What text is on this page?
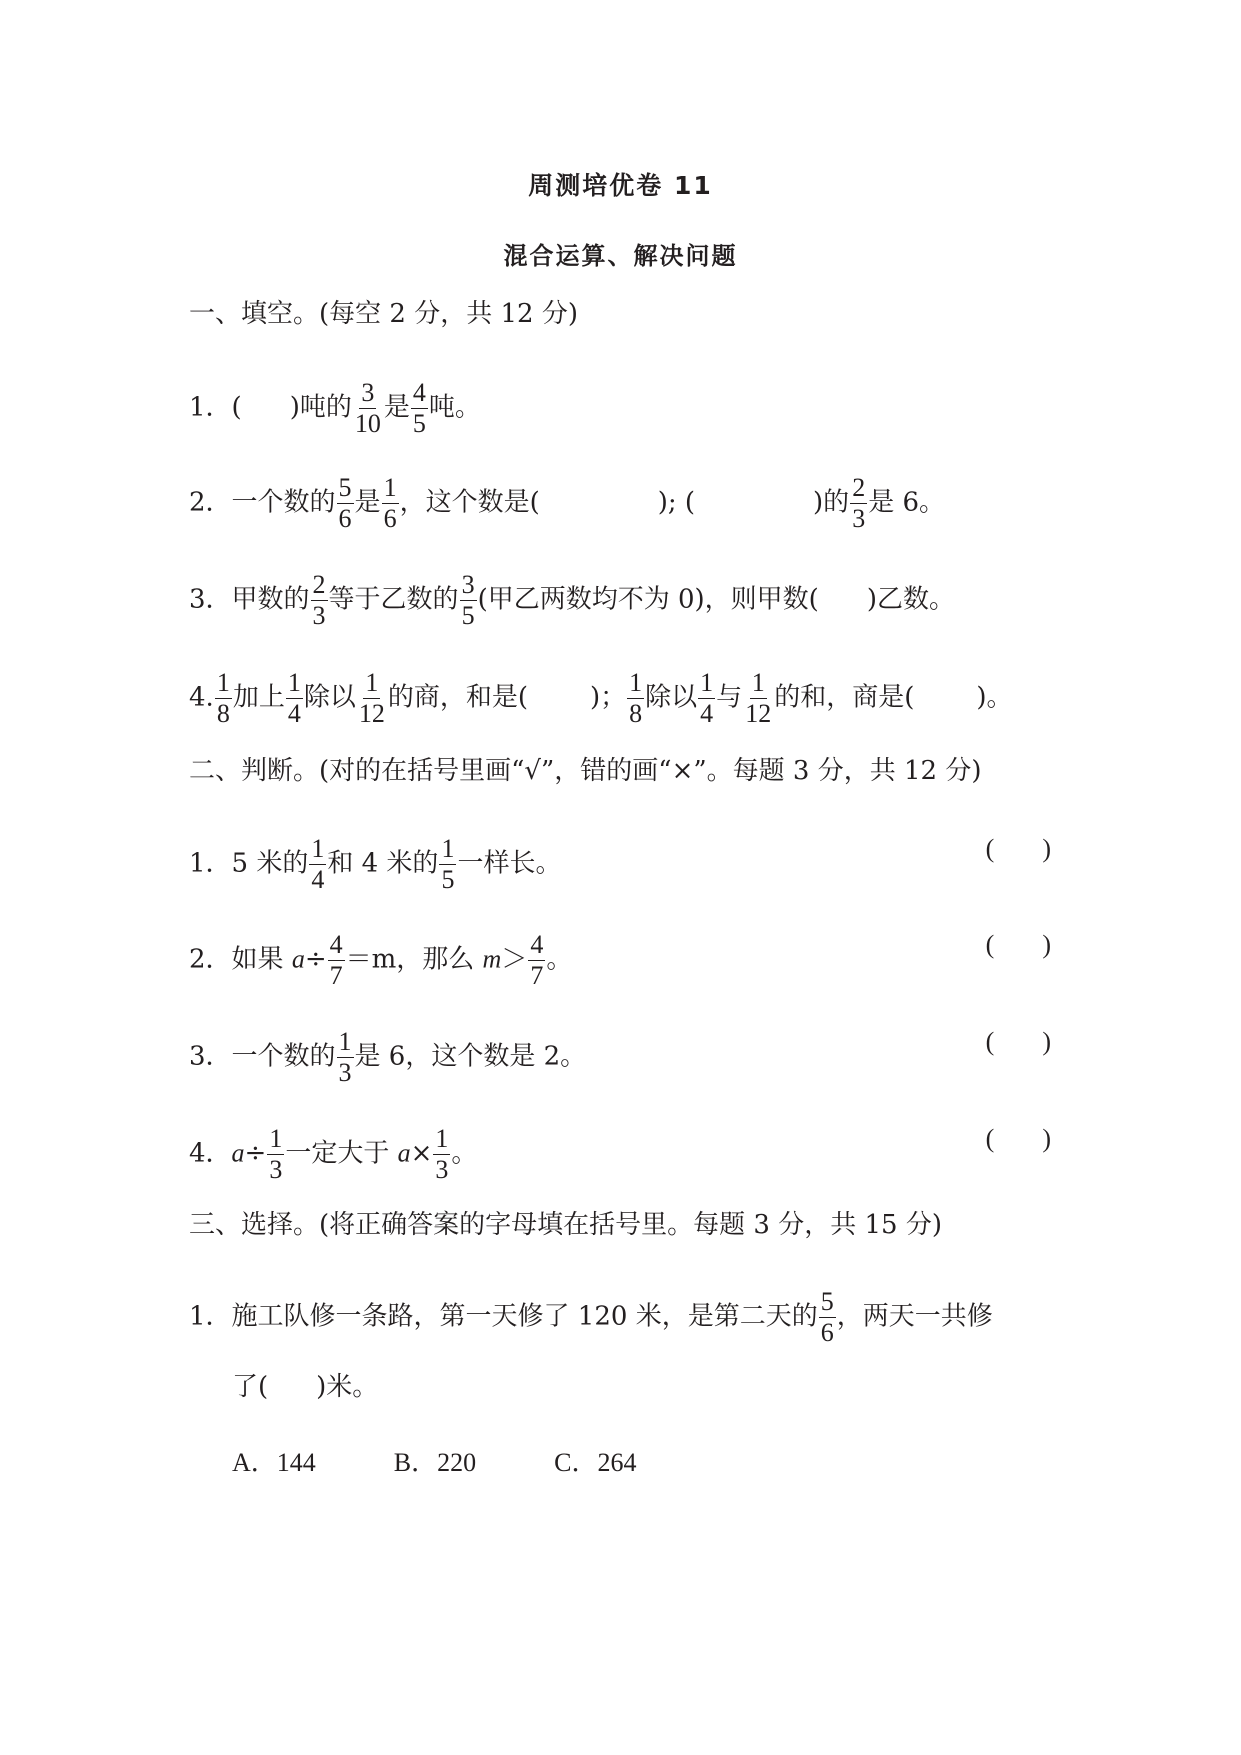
周测培优卷 11
混合运算、解决问题
一、填空。(每空 2 分，共 12 分)
1．( )吨的 $\frac{3}{10}$ 是 $\frac{4}{5}$ 吨。
2．一个数的 $\frac{5}{6}$ 是 $\frac{1}{6}$ ，这个数是(	); (	)的 $\frac{2}{3}$ 是 6。
3．甲数的 $\frac{2}{3}$ 等于乙数的 $\frac{3}{5}$ (甲乙两数均不为 0)，则甲数( )乙数。
4. $\frac{1}{8}$ 加上 $\frac{1}{4}$ 除以 $\frac{1}{12}$ 的商，和是( )； $\frac{1}{8}$ 除以 $\frac{1}{4}$ 与 $\frac{1}{12}$ 的和，商是( )。
二、判断。(对的在括号里画“√”，错的画“×”。每题 3 分，共 12 分)
1．5 米的 $\frac{1}{4}$ 和 4 米的 $\frac{1}{5}$ 一样长。	( )
2．如果 $a\div \frac{4}{7} =m$，那么 $m> \frac{4}{7}$ 。	( )
3．一个数的 $\frac{1}{3}$ 是 6，这个数是 2。	( )
4．$a\div \frac{1}{3}$ 一定大于 $a\times \frac{1}{3}$ 。	( )
三、选择。(将正确答案的字母填在括号里。每题 3 分，共 15 分)
1．施工队修一条路，第一天修了 120 米，是第二天的 $\frac{5}{6}$ ，两天一共修
了( )米。
A．144	B．220	C．264
